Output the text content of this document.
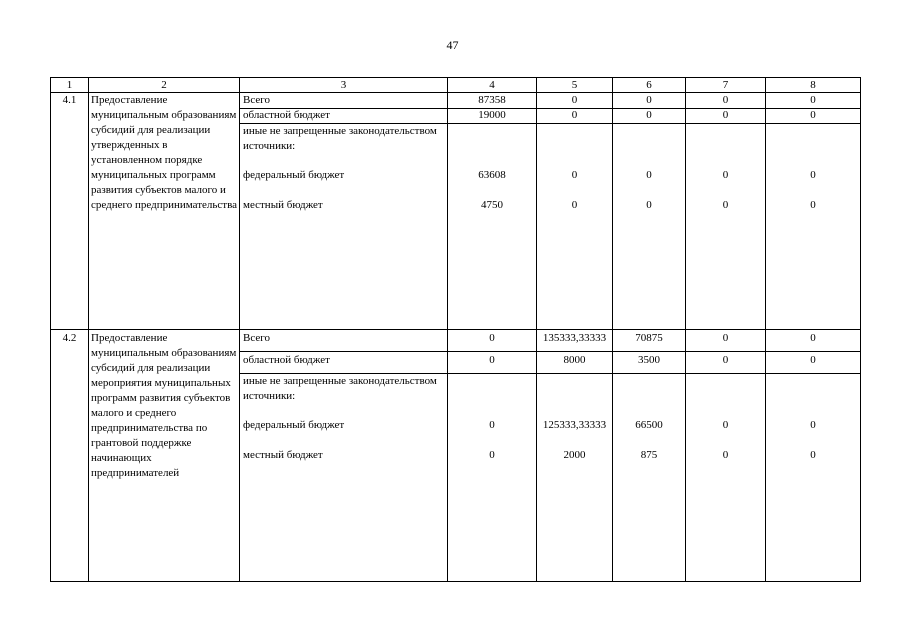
47
1	2	3	4	5	6	7	8
4.1	Предоставление муниципальным образованиям субсидий для реализации утвержденных в установленном порядке муниципальных программ развития субъектов малого и среднего предпринимательства
Всего	87358	0	0	0	0
областной бюджет	19000	0	0	0	0
иные не запрещенные законодательством источники:
федеральный бюджет	63608	0	0	0	0
местный бюджет	4750	0	0	0	0
4.2	Предоставление муниципальным образованиям субсидий для реализации мероприятия муниципальных программ развития субъектов малого и среднего предпринимательства по грантовой поддержке начинающих предпринимателей
Всего	0	135333,33333	70875	0	0
областной бюджет	0	8000	3500	0	0
иные не запрещенные законодательством источники:
федеральный бюджет	0	125333,33333	66500	0	0
местный бюджет	0	2000	875	0	0
